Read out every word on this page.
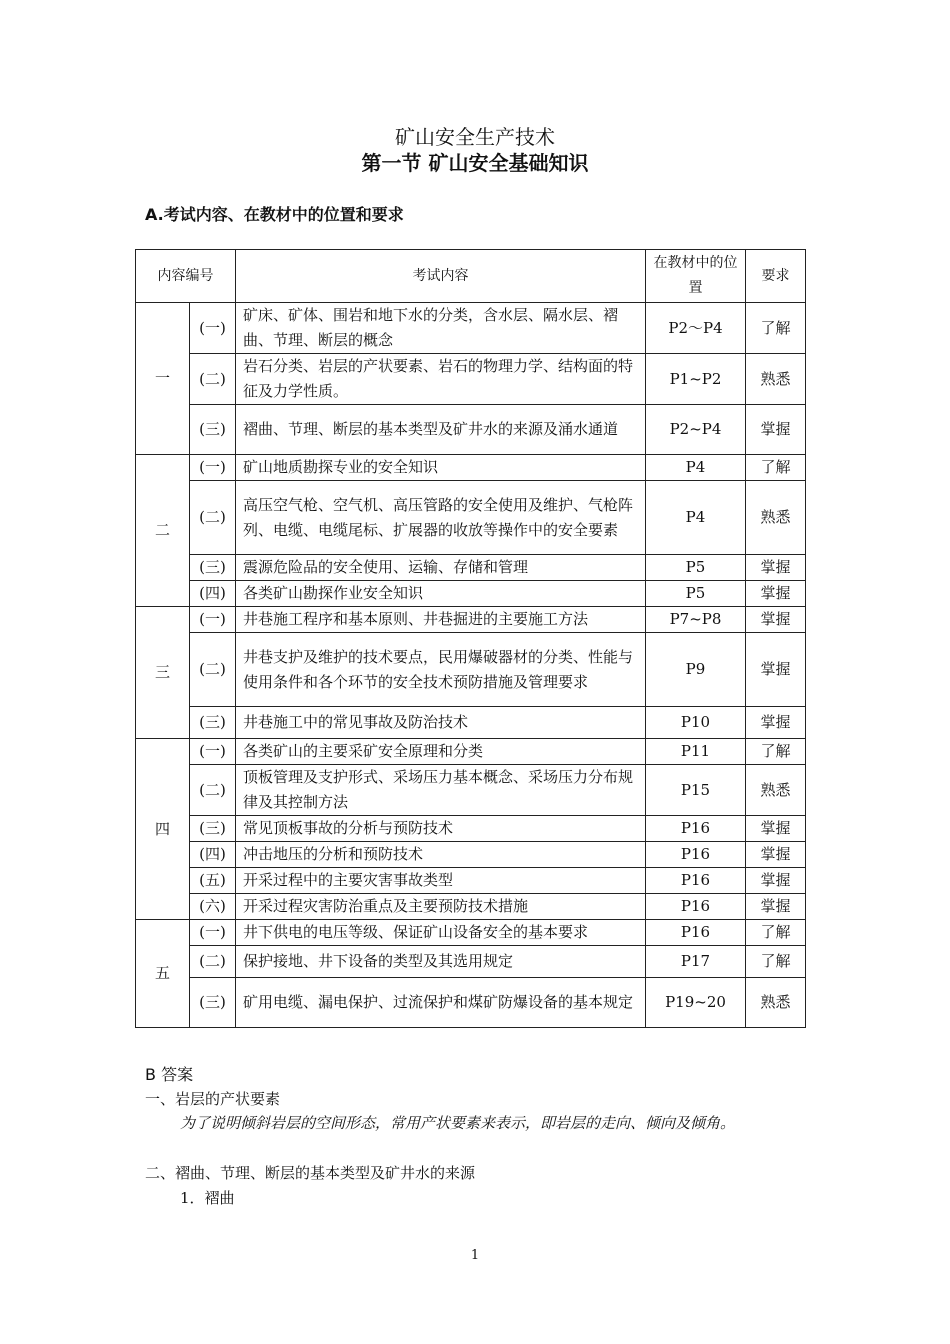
矿山安全生产技术
第一节 矿山安全基础知识
A.考试内容、在教材中的位置和要求
内容编号		考试内容	在教材中的位置	要求
一	(一)	矿床、矿体、围岩和地下水的分类，含水层、隔水层、褶曲、节理、断层的概念	P2～P4	了解
	(二)	岩石分类、岩层的产状要素、岩石的物理力学、结构面的特征及力学性质。	P1~P2	熟悉
	(三)	褶曲、节理、断层的基本类型及矿井水的来源及涌水通道	P2~P4	掌握
二	(一)	矿山地质勘探专业的安全知识	P4	了解
	(二)	高压空气枪、空气机、高压管路的安全使用及维护、气枪阵列、电缆、电缆尾标、扩展器的收放等操作中的安全要素	P4	熟悉
	(三)	震源危险品的安全使用、运输、存储和管理	P5	掌握
	(四)	各类矿山勘探作业安全知识	P5	掌握
三	(一)	井巷施工程序和基本原则、井巷掘进的主要施工方法	P7~P8	掌握
	(二)	井巷支护及维护的技术要点，民用爆破器材的分类、性能与使用条件和各个环节的安全技术预防措施及管理要求	P9	掌握
	(三)	井巷施工中的常见事故及防治技术	P10	掌握
四	(一)	各类矿山的主要采矿安全原理和分类	P11	了解
	(二)	顶板管理及支护形式、采场压力基本概念、采场压力分布规律及其控制方法	P15	熟悉
	(三)	常见顶板事故的分析与预防技术	P16	掌握
	(四)	冲击地压的分析和预防技术	P16	掌握
	(五)	开采过程中的主要灾害事故类型	P16	掌握
	(六)	开采过程灾害防治重点及主要预防技术措施	P16	掌握
五	(一)	井下供电的电压等级、保证矿山设备安全的基本要求	P16	了解
	(二)	保护接地、井下设备的类型及其选用规定	P17	了解
	(三)	矿用电缆、漏电保护、过流保护和煤矿防爆设备的基本规定	P19~20	熟悉
B 答案
一、岩层的产状要素
为了说明倾斜岩层的空间形态，常用产状要素来表示，即岩层的走向、倾向及倾角。
二、褶曲、节理、断层的基本类型及矿井水的来源
1．褶曲
1
